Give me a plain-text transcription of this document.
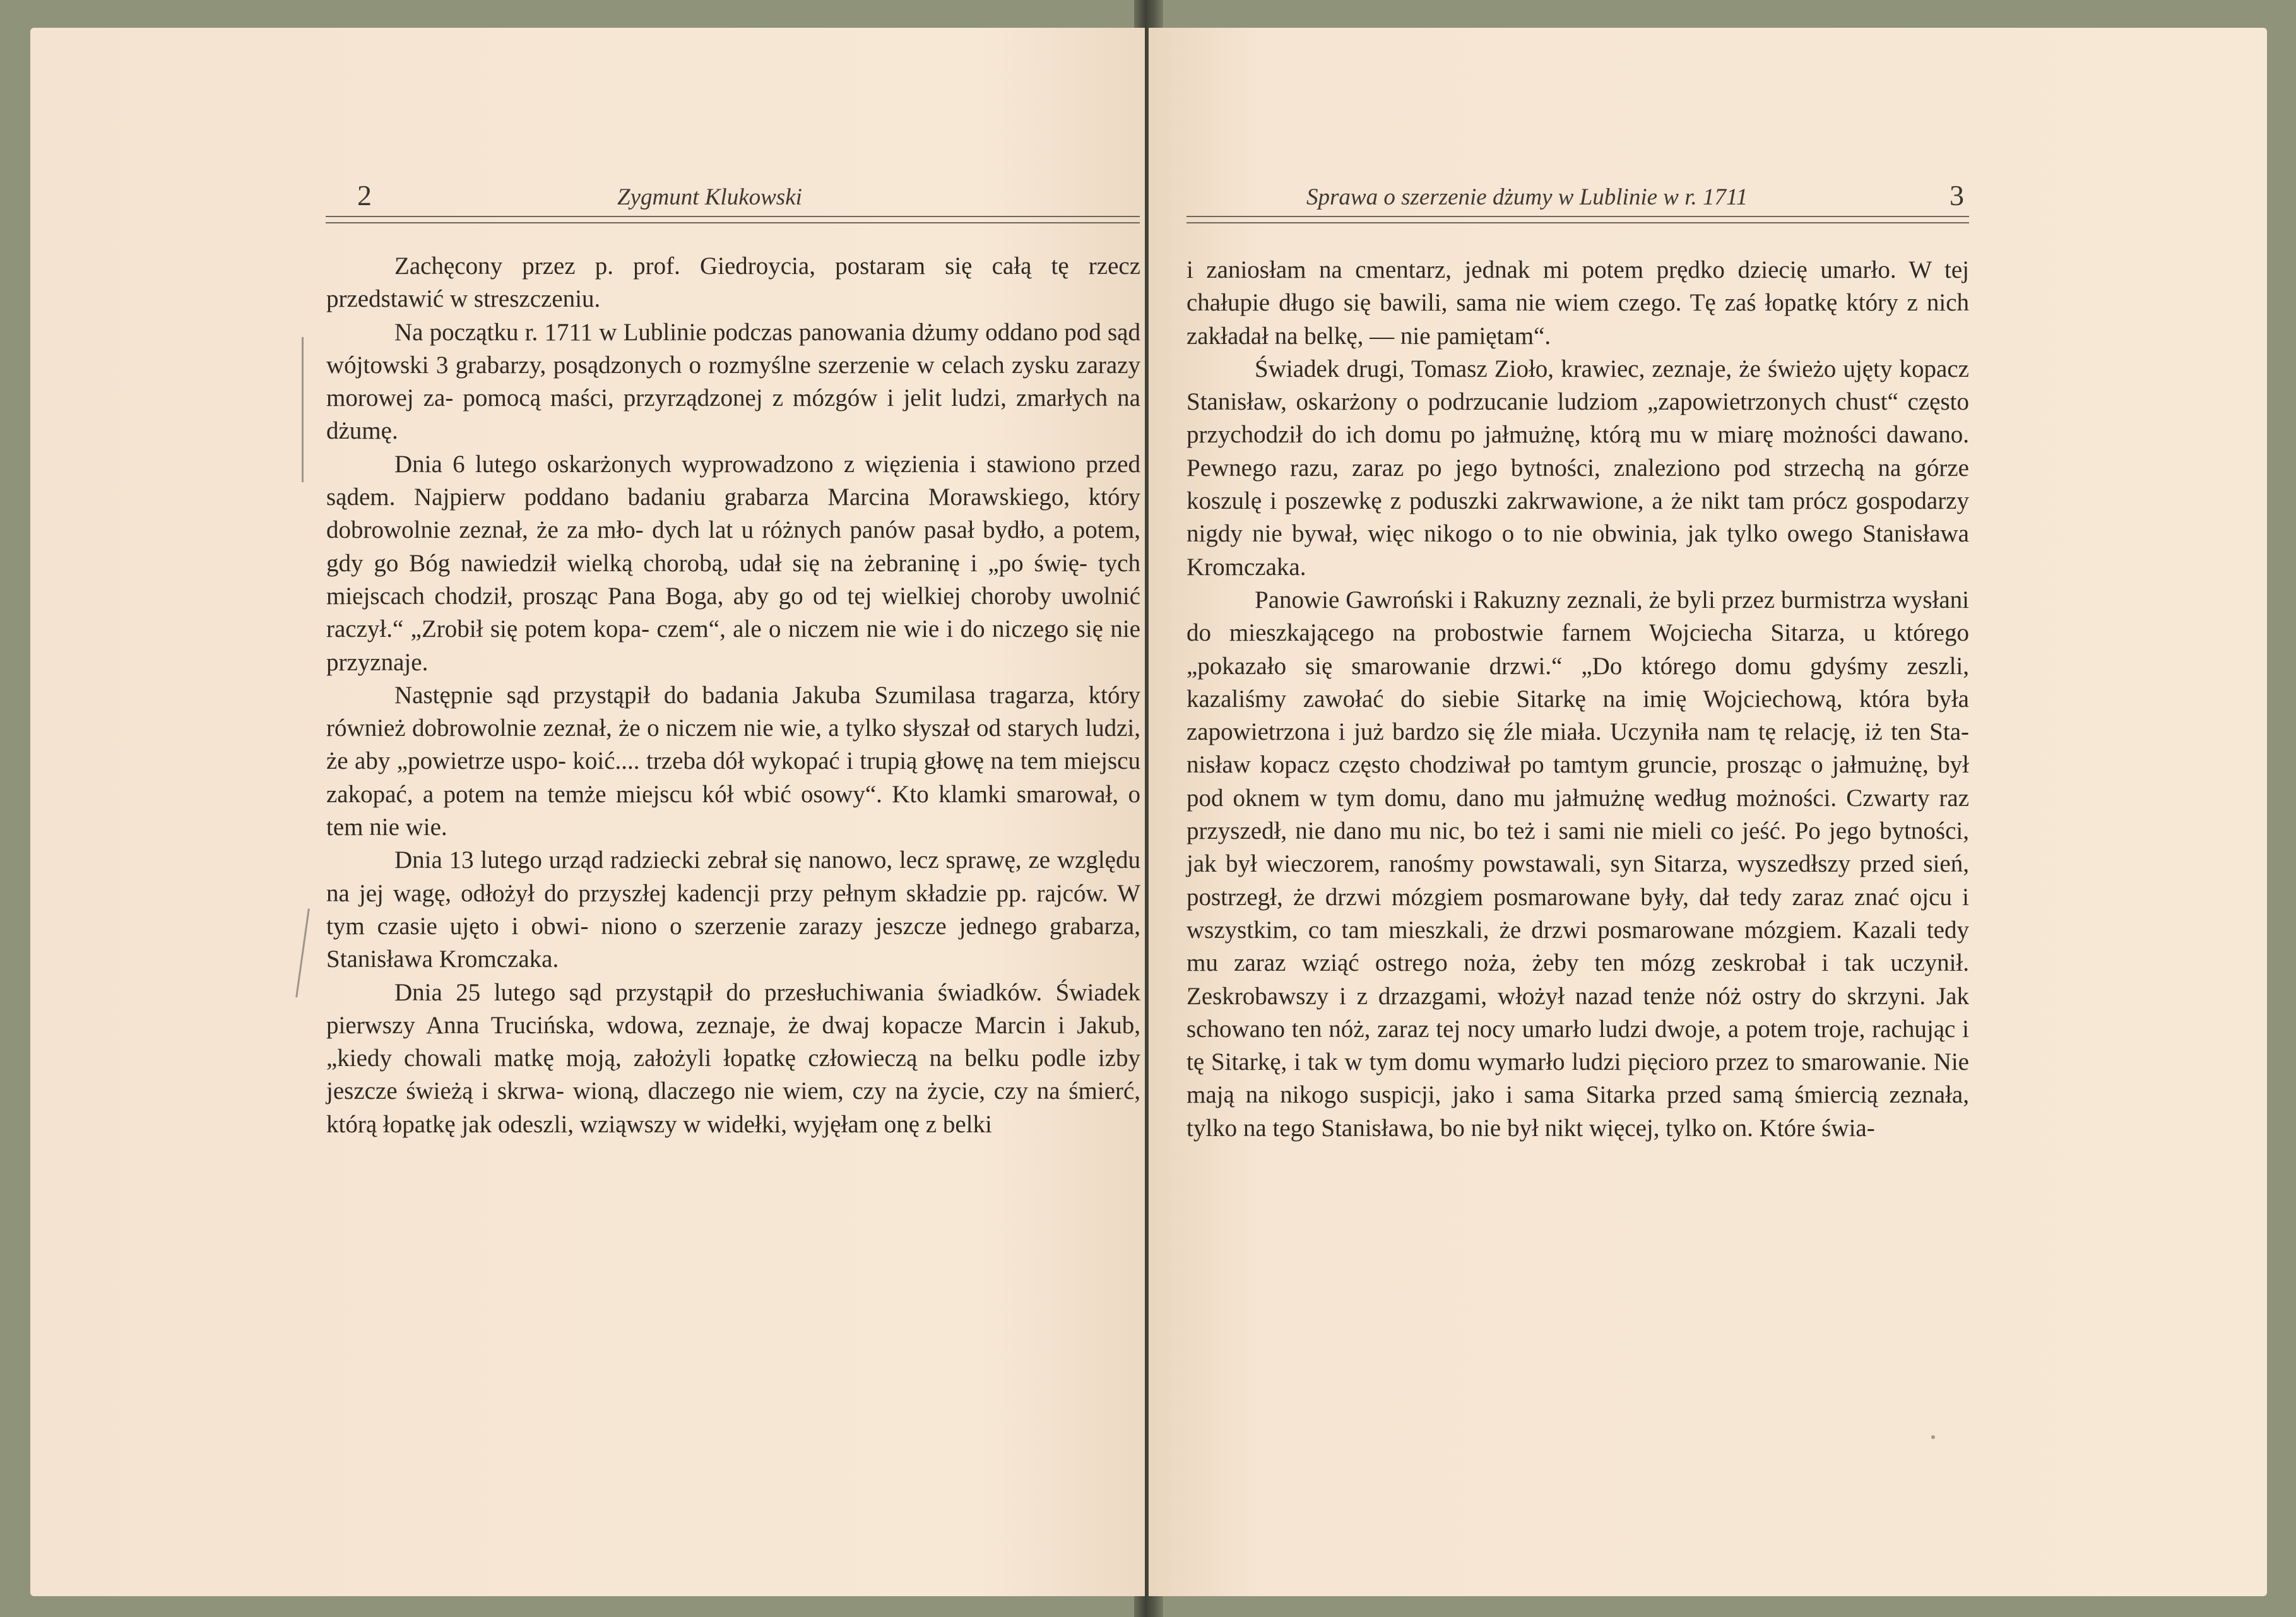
2	Zygmunt Klukowski

Zachęcony przez p. prof. Giedroycia, postaram się całą tę rzecz przedstawić w streszczeniu.

Na początku r. 1711 w Lublinie podczas panowania dżumy oddano pod sąd wójtowski 3 grabarzy, posądzonych o rozmyślne szerzenie w celach zysku zarazy morowej za- pomocą maści, przyrządzonej z mózgów i jelit ludzi, zmarłych na dżumę.

Dnia 6 lutego oskarżonych wyprowadzono z więzienia i stawiono przed sądem. Najpierw poddano badaniu grabarza Marcina Morawskiego, który dobrowolnie zeznał, że za mło- dych lat u różnych panów pasał bydło, a potem, gdy go Bóg nawiedził wielką chorobą, udał się na żebraninę i „po świę- tych miejscach chodził, prosząc Pana Boga, aby go od tej wielkiej choroby uwolnić raczył.“ „Zrobił się potem kopa- czem“, ale o niczem nie wie i do niczego się nie przyznaje.

Następnie sąd przystąpił do badania Jakuba Szumilasa tragarza, który również dobrowolnie zeznał, że o niczem nie wie, a tylko słyszał od starych ludzi, że aby „powietrze uspo- koić.... trzeba dół wykopać i trupią głowę na tem miejscu zakopać, a potem na temże miejscu kół wbić osowy“. Kto klamki smarował, o tem nie wie.

Dnia 13 lutego urząd radziecki zebrał się nanowo, lecz sprawę, ze względu na jej wagę, odłożył do przyszłej kadencji przy pełnym składzie pp. rajców. W tym czasie ujęto i obwi- niono o szerzenie zarazy jeszcze jednego grabarza, Stanisława Kromczaka.

Dnia 25 lutego sąd przystąpił do przesłuchiwania świadków. Świadek pierwszy Anna Trucińska, wdowa, zeznaje, że dwaj kopacze Marcin i Jakub, „kiedy chowali matkę moją, założyli łopatkę człowieczą na belku podle izby jeszcze świeżą i skrwa- wioną, dlaczego nie wiem, czy na życie, czy na śmierć, którą łopatkę jak odeszli, wziąwszy w widełki, wyjęłam onę z belki

Sprawa o szerzenie dżumy w Lublinie w r. 1711	3

i zaniosłam na cmentarz, jednak mi potem prędko dziecię umarło. W tej chałupie długo się bawili, sama nie wiem czego. Tę zaś łopatkę który z nich zakładał na belkę, — nie pamiętam“.

Świadek drugi, Tomasz Zioło, krawiec, zeznaje, że świeżo ujęty kopacz Stanisław, oskarżony o podrzucanie ludziom „zapowietrzonych chust“ często przychodził do ich domu po jałmużnę, którą mu w miarę możności dawano. Pewnego razu, zaraz po jego bytności, znaleziono pod strzechą na górze koszulę i poszewkę z poduszki zakrwawione, a że nikt tam prócz gospodarzy nigdy nie bywał, więc nikogo o to nie obwinia, jak tylko owego Stanisława Kromczaka.

Panowie Gawroński i Rakuzny zeznali, że byli przez burmistrza wysłani do mieszkającego na probostwie farnem Wojciecha Sitarza, u którego „pokazało się smarowanie drzwi.“ „Do którego domu gdyśmy zeszli, kazaliśmy zawołać do siebie Sitarkę na imię Wojciechową, która była zapowietrzona i już bardzo się źle miała. Uczyniła nam tę relację, iż ten Sta- nisław kopacz często chodziwał po tamtym gruncie, prosząc o jałmużnę, był pod oknem w tym domu, dano mu jałmużnę według możności. Czwarty raz przyszedł, nie dano mu nic, bo też i sami nie mieli co jeść. Po jego bytności, jak był wieczorem, ranośmy powstawali, syn Sitarza, wyszedłszy przed sień, postrzegł, że drzwi mózgiem posmarowane były, dał tedy zaraz znać ojcu i wszystkim, co tam mieszkali, że drzwi posmarowane mózgiem. Kazali tedy mu zaraz wziąć ostrego noża, żeby ten mózg zeskrobał i tak uczynił. Zeskrobawszy i z drzazgami, włożył nazad tenże nóż ostry do skrzyni. Jak schowano ten nóż, zaraz tej nocy umarło ludzi dwoje, a potem troje, rachując i tę Sitarkę, i tak w tym domu wymarło ludzi pięcioro przez to smarowanie. Nie mają na nikogo suspicji, jako i sama Sitarka przed samą śmiercią zeznała, tylko na tego Stanisława, bo nie był nikt więcej, tylko on. Które świa-
